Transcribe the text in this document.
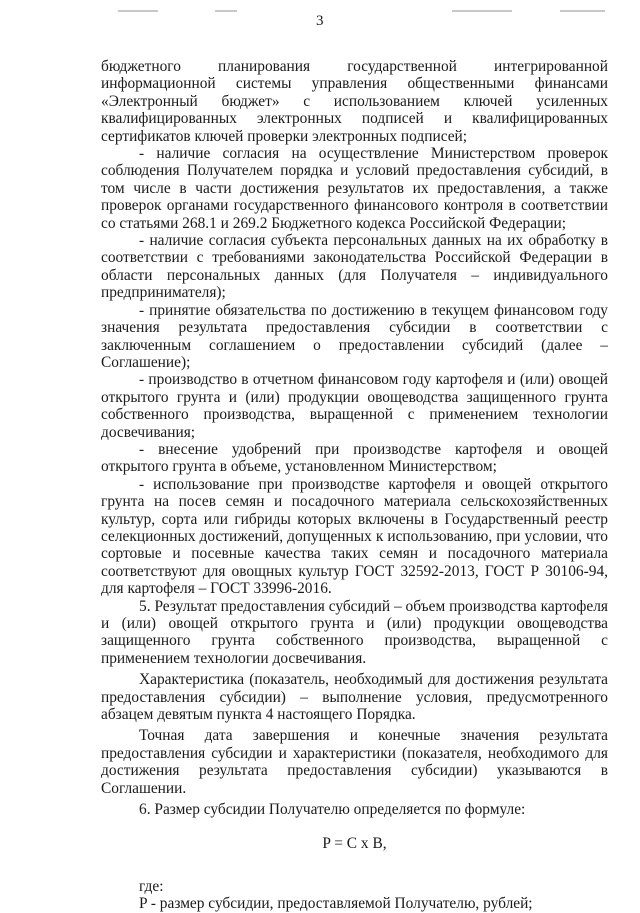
3

бюджетного планирования государственной интегрированной информационной системы управления общественными финансами «Электронный бюджет» с использованием ключей усиленных квалифицированных электронных подписей и квалифицированных сертификатов ключей проверки электронных подписей;

- наличие согласия на осуществление Министерством проверок соблюдения Получателем порядка и условий предоставления субсидий, в том числе в части достижения результатов их предоставления, а также проверок органами государственного финансового контроля в соответствии со статьями 268.1 и 269.2 Бюджетного кодекса Российской Федерации;

- наличие согласия субъекта персональных данных на их обработку в соответствии с требованиями законодательства Российской Федерации в области персональных данных (для Получателя – индивидуального предпринимателя);

- принятие обязательства по достижению в текущем финансовом году значения результата предоставления субсидии в соответствии с заключенным соглашением о предоставлении субсидий (далее – Соглашение);

- производство в отчетном финансовом году картофеля и (или) овощей открытого грунта и (или) продукции овощеводства защищенного грунта собственного производства, выращенной с применением технологии досвечивания;

- внесение удобрений при производстве картофеля и овощей открытого грунта в объеме, установленном Министерством;

- использование при производстве картофеля и овощей открытого грунта на посев семян и посадочного материала сельскохозяйственных культур, сорта или гибриды которых включены в Государственный реестр селекционных достижений, допущенных к использованию, при условии, что сортовые и посевные качества таких семян и посадочного материала соответствуют для овощных культур ГОСТ 32592-2013, ГОСТ Р 30106-94, для картофеля – ГОСТ 33996-2016.

5. Результат предоставления субсидий – объем производства картофеля и (или) овощей открытого грунта и (или) продукции овощеводства защищенного грунта собственного производства, выращенной с применением технологии досвечивания.

Характеристика (показатель, необходимый для достижения результата предоставления субсидии) – выполнение условия, предусмотренного абзацем девятым пункта 4 настоящего Порядка.

Точная дата завершения и конечные значения результата предоставления субсидии и характеристики (показателя, необходимого для достижения результата предоставления субсидии) указываются в Соглашении.

6. Размер субсидии Получателю определяется по формуле:

P = C x B,

где:

P - размер субсидии, предоставляемой Получателю, рублей;
